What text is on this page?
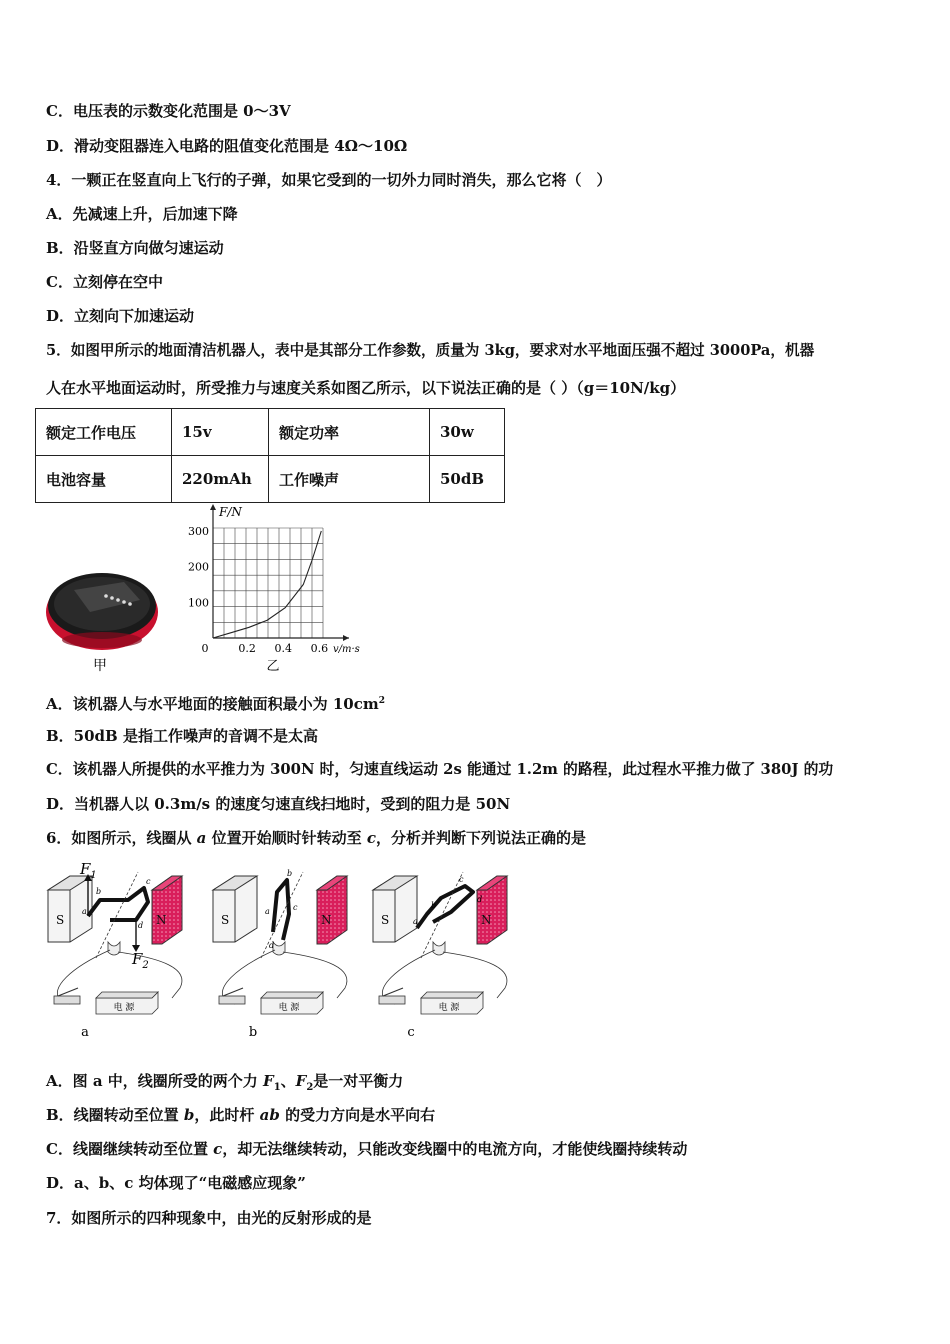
C．电压表的示数变化范围是 0～3V
D．滑动变阻器连入电路的阻值变化范围是 4Ω～10Ω
4．一颗正在竖直向上飞行的子弹，如果它受到的一切外力同时消失，那么它将（　）
A．先减速上升，后加速下降
B．沿竖直方向做匀速运动
C．立刻停在空中
D．立刻向下加速运动
5．如图甲所示的地面清洁机器人，表中是其部分工作参数，质量为 3kg，要求对水平地面压强不超过 3000Pa，机器
人在水平地面运动时，所受推力与速度关系如图乙所示，以下说法正确的是（ ）（g＝10N/kg）
额定工作电压	15v	额定功率	30w
电池容量	220mAh	工作噪声	50dB
甲
0	0.2 0.4 0.6
100
200
300
F/N
v/m·s
乙
A．该机器人与水平地面的接触面积最小为 $10cm^2$
B．50dB 是指工作噪声的音调不是太高
C．该机器人所提供的水平推力为 300N 时，匀速直线运动 2s 能通过 1.2m 的路程，此过程水平推力做了 380J 的功
D．当机器人以 0.3m/s 的速度匀速直线扫地时，受到的阻力是 50N
6．如图所示，线圈从 a 位置开始顺时针转动至 c，分析并判断下列说法正确的是
S	N
电 源
a
b
c
d	S	N
电 源
a
b
c
d
S	N
电 源
a
b
c
d
$F_1$
$F_2$
a	b	c
A．图 a 中，线圈所受的两个力 $F_1$、$F_2$是一对平衡力
B．线圈转动至位置 b，此时杆 ab 的受力方向是水平向右
C．线圈继续转动至位置 c，却无法继续转动，只能改变线圈中的电流方向，才能使线圈持续转动
D．a、b、c 均体现了“电磁感应现象”
7．如图所示的四种现象中，由光的反射形成的是
